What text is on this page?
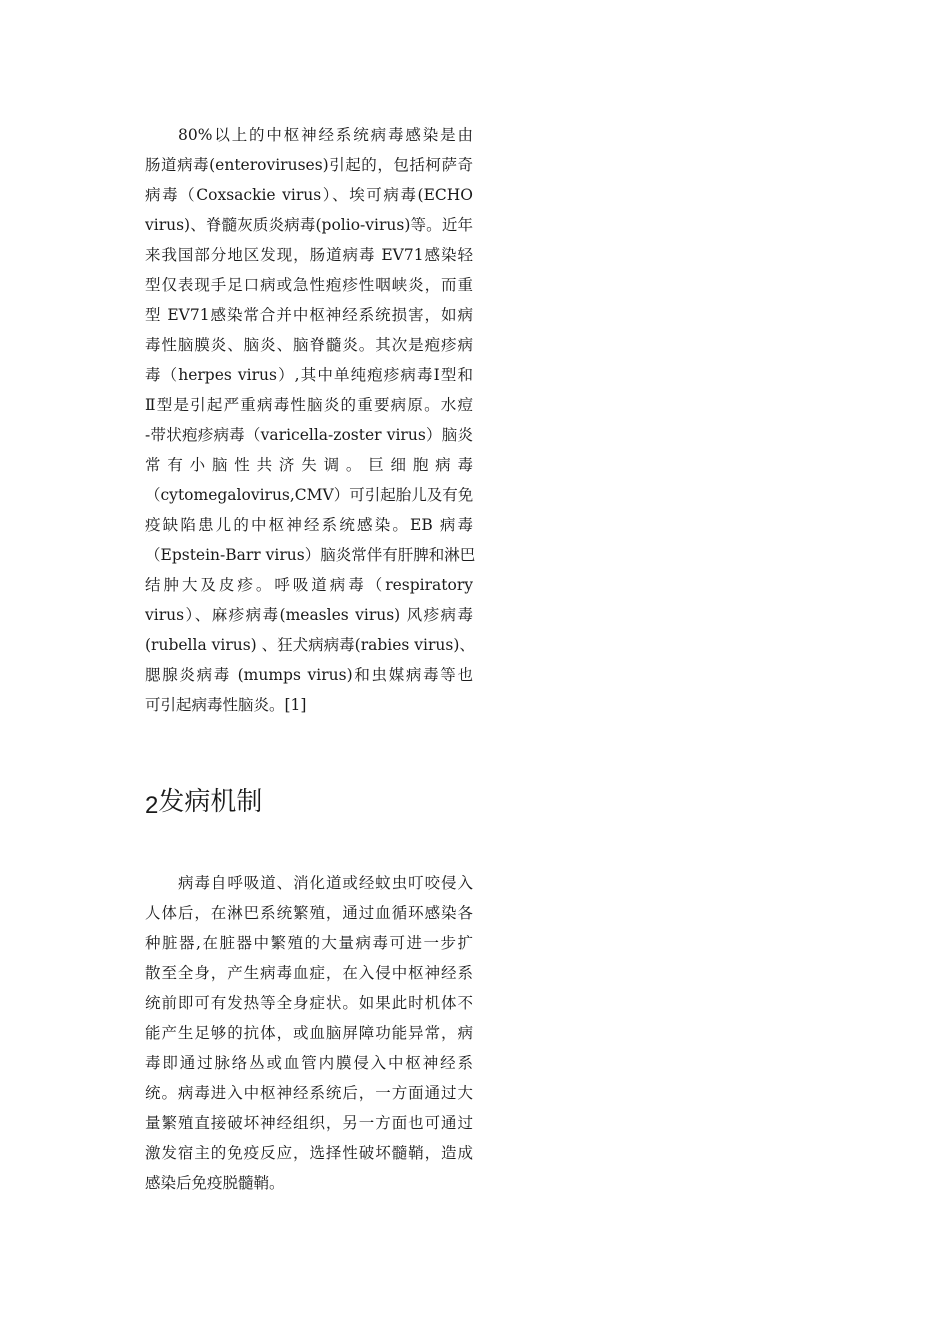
80%以上的中枢神经系统病毒感染是由
肠道病毒(enteroviruses)引起的，包括柯萨奇
病毒（Coxsackie virus）、埃可病毒(ECHO
virus)、脊髓灰质炎病毒(polio-virus)等。近年
来我国部分地区发现，肠道病毒 EV71感染轻
型仅表现手足口病或急性疱疹性咽峡炎，而重
型 EV71感染常合并中枢神经系统损害，如病
毒性脑膜炎、脑炎、脑脊髓炎。其次是疱疹病
毒（herpes virus）,其中单纯疱疹病毒Ⅰ型和
Ⅱ型是引起严重病毒性脑炎的重要病原。水痘
-带状疱疹病毒（varicella-zoster virus）脑炎
常有小脑性共济失调。巨细胞病毒
（cytomegalovirus,CMV）可引起胎儿及有免
疫缺陷患儿的中枢神经系统感染。EB 病毒
（Epstein-Barr virus）脑炎常伴有肝脾和淋巴
结肿大及皮疹。呼吸道病毒（respiratory
virus）、麻疹病毒(measles virus) 风疹病毒
(rubella virus) 、狂犬病病毒(rabies virus)、
腮腺炎病毒 (mumps virus)和虫媒病毒等也
可引起病毒性脑炎。[1]
2发病机制
病毒自呼吸道、消化道或经蚊虫叮咬侵入
人体后，在淋巴系统繁殖，通过血循环感染各
种脏器,在脏器中繁殖的大量病毒可进一步扩
散至全身，产生病毒血症，在入侵中枢神经系
统前即可有发热等全身症状。如果此时机体不
能产生足够的抗体，或血脑屏障功能异常，病
毒即通过脉络丛或血管内膜侵入中枢神经系
统。病毒进入中枢神经系统后，一方面通过大
量繁殖直接破坏神经组织，另一方面也可通过
激发宿主的免疫反应，选择性破坏髓鞘，造成
感染后免疫脱髓鞘。
